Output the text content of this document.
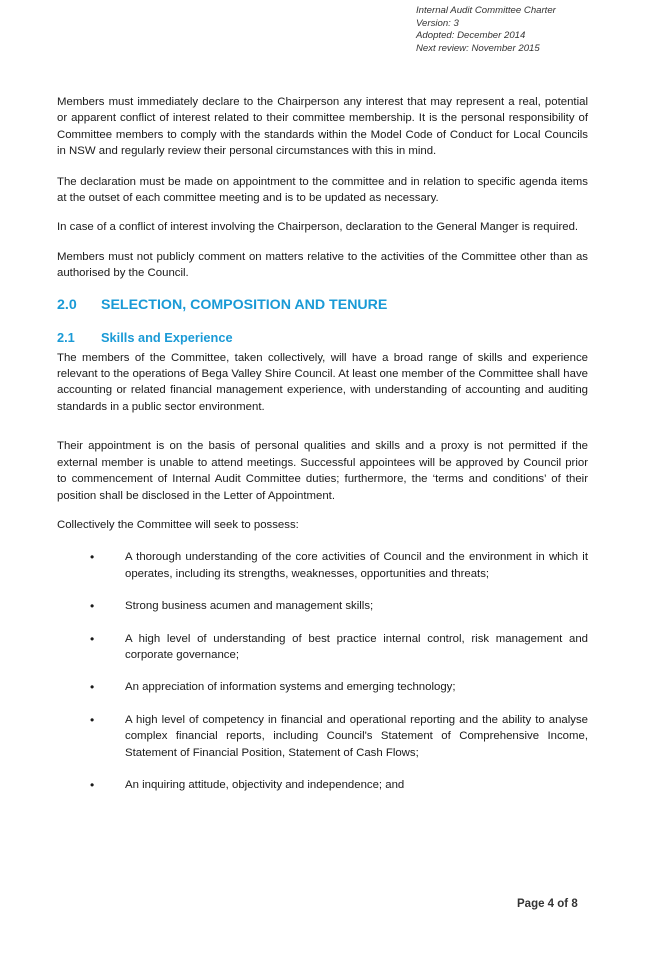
Internal Audit Committee Charter
Version: 3
Adopted: December 2014
Next review: November 2015

Members must immediately declare to the Chairperson any interest that may represent a real, potential or apparent conflict of interest related to their committee membership. It is the personal responsibility of Committee members to comply with the standards within the Model Code of Conduct for Local Councils in NSW and regularly review their personal circumstances with this in mind.

The declaration must be made on appointment to the committee and in relation to specific agenda items at the outset of each committee meeting and is to be updated as necessary.

In case of a conflict of interest involving the Chairperson, declaration to the General Manger is required.

Members must not publicly comment on matters relative to the activities of the Committee other than as authorised by the Council.

2.0	SELECTION, COMPOSITION AND TENURE
2.1	Skills and Experience

The members of the Committee, taken collectively, will have a broad range of skills and experience relevant to the operations of Bega Valley Shire Council. At least one member of the Committee shall have accounting or related financial management experience, with understanding of accounting and auditing standards in a public sector environment.

Their appointment is on the basis of personal qualities and skills and a proxy is not permitted if the external member is unable to attend meetings. Successful appointees will be approved by Council prior to commencement of Internal Audit Committee duties; furthermore, the ‘terms and conditions’ of their position shall be disclosed in the Letter of Appointment.

Collectively the Committee will seek to possess:

•	A thorough understanding of the core activities of Council and the environment in which it operates, including its strengths, weaknesses, opportunities and threats;
•	Strong business acumen and management skills;
•	A high level of understanding of best practice internal control, risk management and corporate governance;
•	An appreciation of information systems and emerging technology;
•	A high level of competency in financial and operational reporting and the ability to analyse complex financial reports, including Council's Statement of Comprehensive Income, Statement of Financial Position, Statement of Cash Flows;
•	An inquiring attitude, objectivity and independence; and
Page 4 of 8
